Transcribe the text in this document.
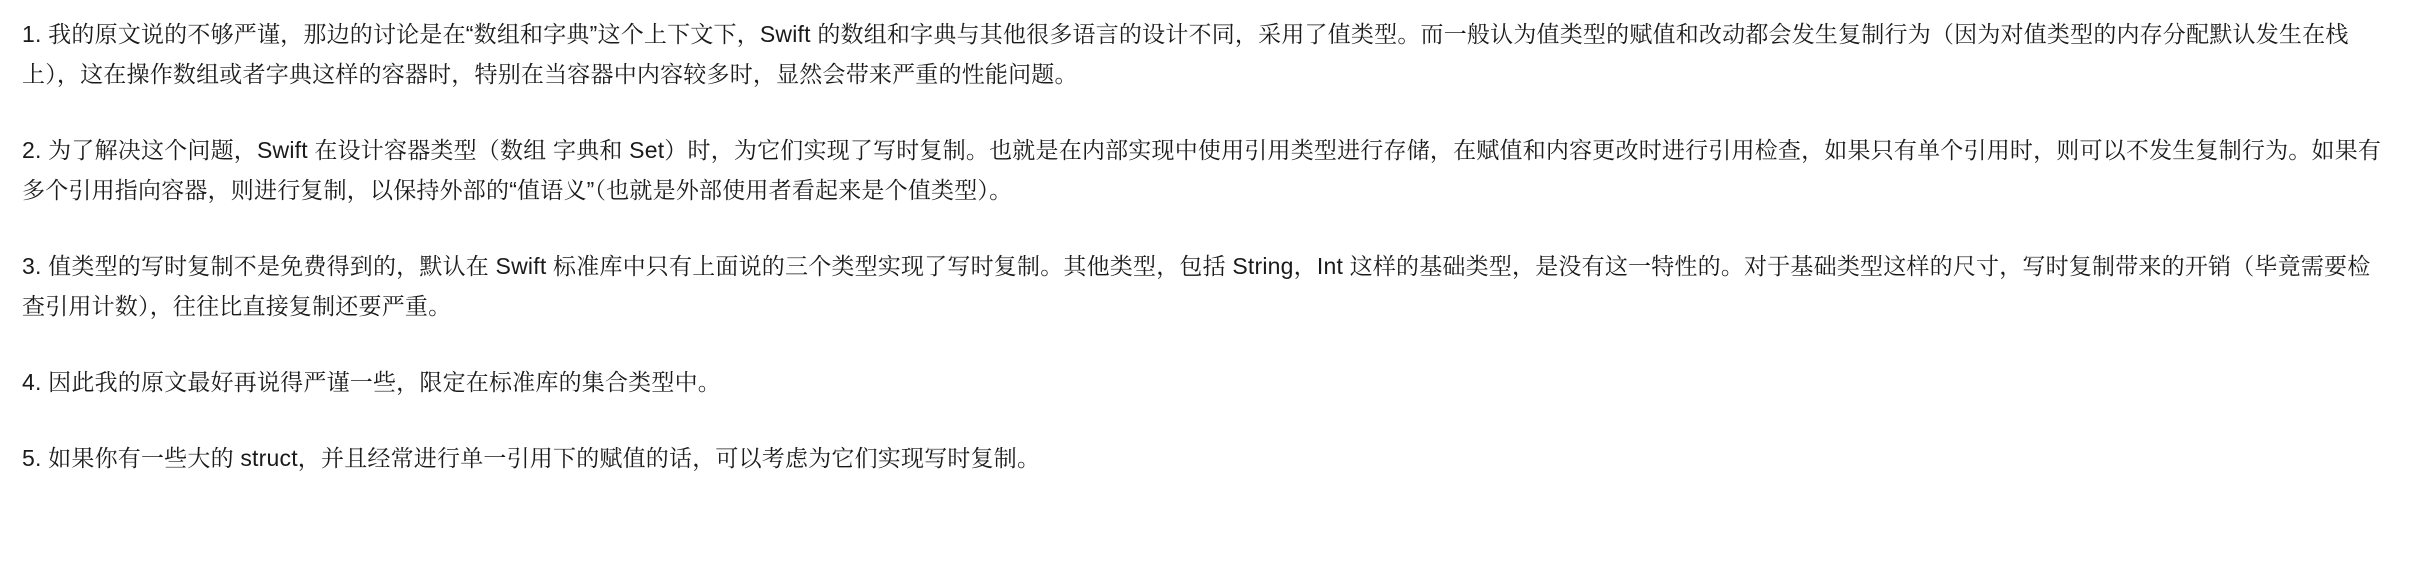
1. 我的原文说的不够严谨，那边的讨论是在“数组和字典”这个上下文下，Swift 的数组和字典与其他很多语言的设计不同，采用了值类型。而一般认为值类型的赋值和改动都会发生复制行为（因为对值类型的内存分配默认发生在栈上），这在操作数组或者字典这样的容器时，特别在当容器中内容较多时，显然会带来严重的性能问题。

2. 为了解决这个问题，Swift 在设计容器类型（数组 字典和 Set）时，为它们实现了写时复制。也就是在内部实现中使用引用类型进行存储，在赋值和内容更改时进行引用检查，如果只有单个引用时，则可以不发生复制行为。如果有多个引用指向容器，则进行复制，以保持外部的“值语义”（也就是外部使用者看起来是个值类型）。

3. 值类型的写时复制不是免费得到的，默认在 Swift 标准库中只有上面说的三个类型实现了写时复制。其他类型，包括 String，Int 这样的基础类型，是没有这一特性的。对于基础类型这样的尺寸，写时复制带来的开销（毕竟需要检查引用计数），往往比直接复制还要严重。

4. 因此我的原文最好再说得严谨一些，限定在标准库的集合类型中。

5. 如果你有一些大的 struct，并且经常进行单一引用下的赋值的话，可以考虑为它们实现写时复制。
